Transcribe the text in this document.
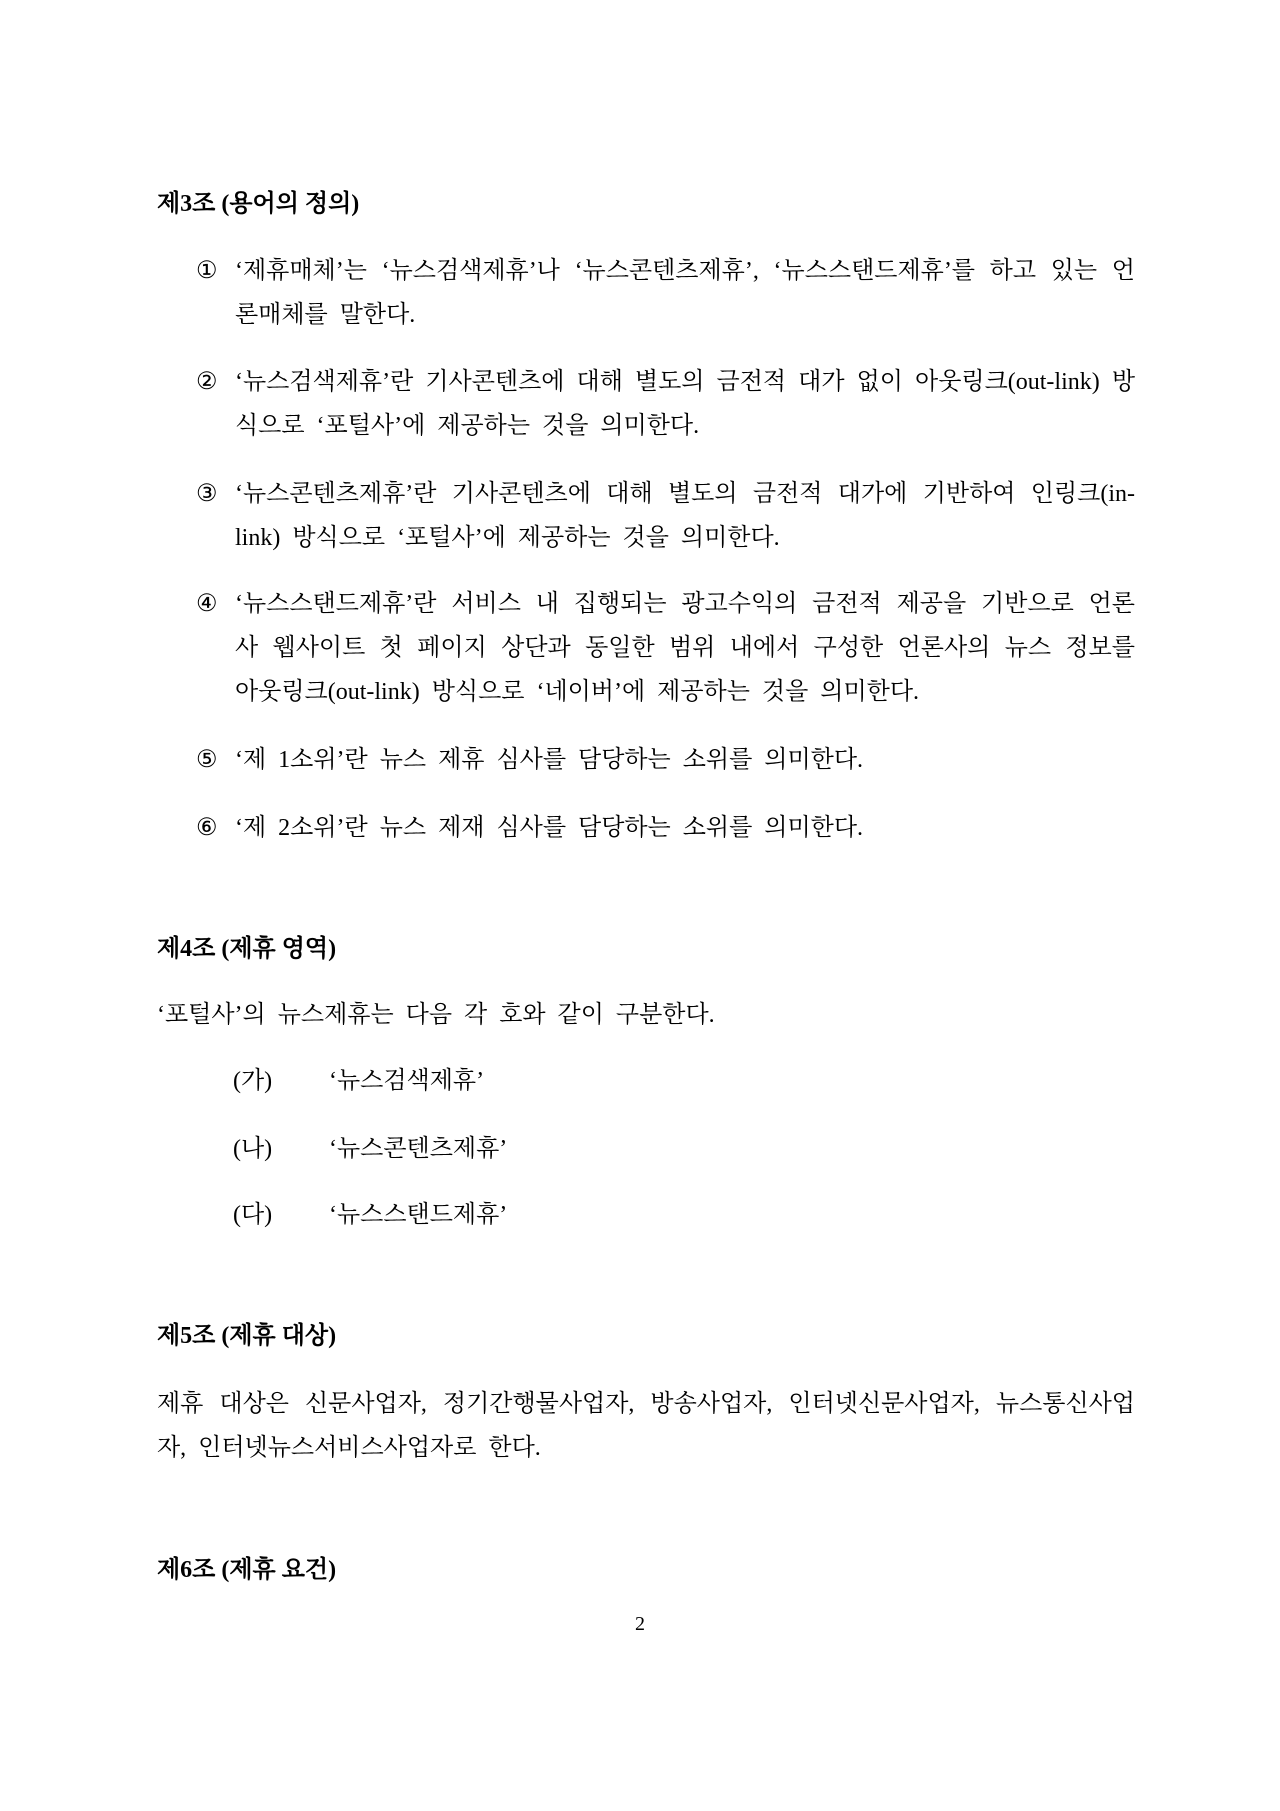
제3조 (용어의 정의)
① ‘제휴매체’는 ‘뉴스검색제휴’나 ‘뉴스콘텐츠제휴’, ‘뉴스스탠드제휴’를 하고 있는 언론매체를 말한다.
② ‘뉴스검색제휴’란 기사콘텐츠에 대해 별도의 금전적 대가 없이 아웃링크(out-link) 방식으로 ‘포털사’에 제공하는 것을 의미한다.
③ ‘뉴스콘텐츠제휴’란 기사콘텐츠에 대해 별도의 금전적 대가에 기반하여 인링크(in-link) 방식으로 ‘포털사’에 제공하는 것을 의미한다.
④ ‘뉴스스탠드제휴’란 서비스 내 집행되는 광고수익의 금전적 제공을 기반으로 언론사 웹사이트 첫 페이지 상단과 동일한 범위 내에서 구성한 언론사의 뉴스 정보를 아웃링크(out-link) 방식으로 ‘네이버’에 제공하는 것을 의미한다.
⑤ ‘제 1소위’란 뉴스 제휴 심사를 담당하는 소위를 의미한다.
⑥ ‘제 2소위’란 뉴스 제재 심사를 담당하는 소위를 의미한다.
제4조 (제휴 영역)
‘포털사’의 뉴스제휴는 다음 각 호와 같이 구분한다.
(가) ‘뉴스검색제휴’
(나) ‘뉴스콘텐츠제휴’
(다) ‘뉴스스탠드제휴’
제5조 (제휴 대상)
제휴 대상은 신문사업자, 정기간행물사업자, 방송사업자, 인터넷신문사업자, 뉴스통신사업자, 인터넷뉴스서비스사업자로 한다.
제6조 (제휴 요건)
2
